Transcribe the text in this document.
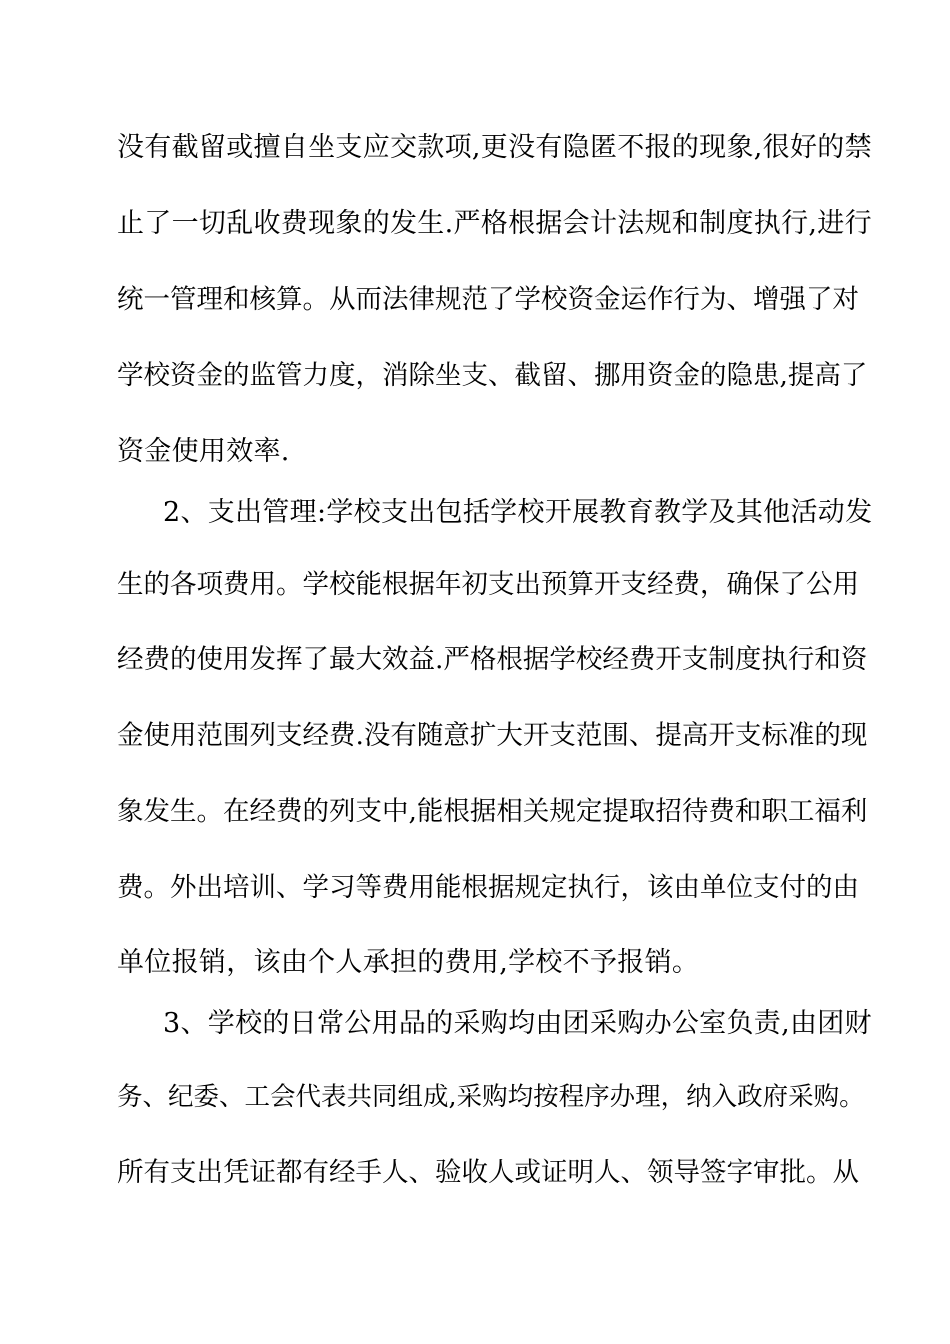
没有截留或擅自坐支应交款项,更没有隐匿不报的现象,很好的禁
止了一切乱收费现象的发生.严格根据会计法规和制度执行,进行
统一管理和核算。从而法律规范了学校资金运作行为、增强了对
学校资金的监管力度，消除坐支、截留、挪用资金的隐患,提高了
资金使用效率.
2、支出管理:学校支出包括学校开展教育教学及其他活动发
生的各项费用。学校能根据年初支出预算开支经费，确保了公用
经费的使用发挥了最大效益.严格根据学校经费开支制度执行和资
金使用范围列支经费.没有随意扩大开支范围、提高开支标准的现
象发生。在经费的列支中,能根据相关规定提取招待费和职工福利
费。外出培训、学习等费用能根据规定执行，该由单位支付的由
单位报销，该由个人承担的费用,学校不予报销。
3、学校的日常公用品的采购均由团采购办公室负责,由团财
务、纪委、工会代表共同组成,采购均按程序办理，纳入政府采购。
所有支出凭证都有经手人、验收人或证明人、领导签字审批。从
